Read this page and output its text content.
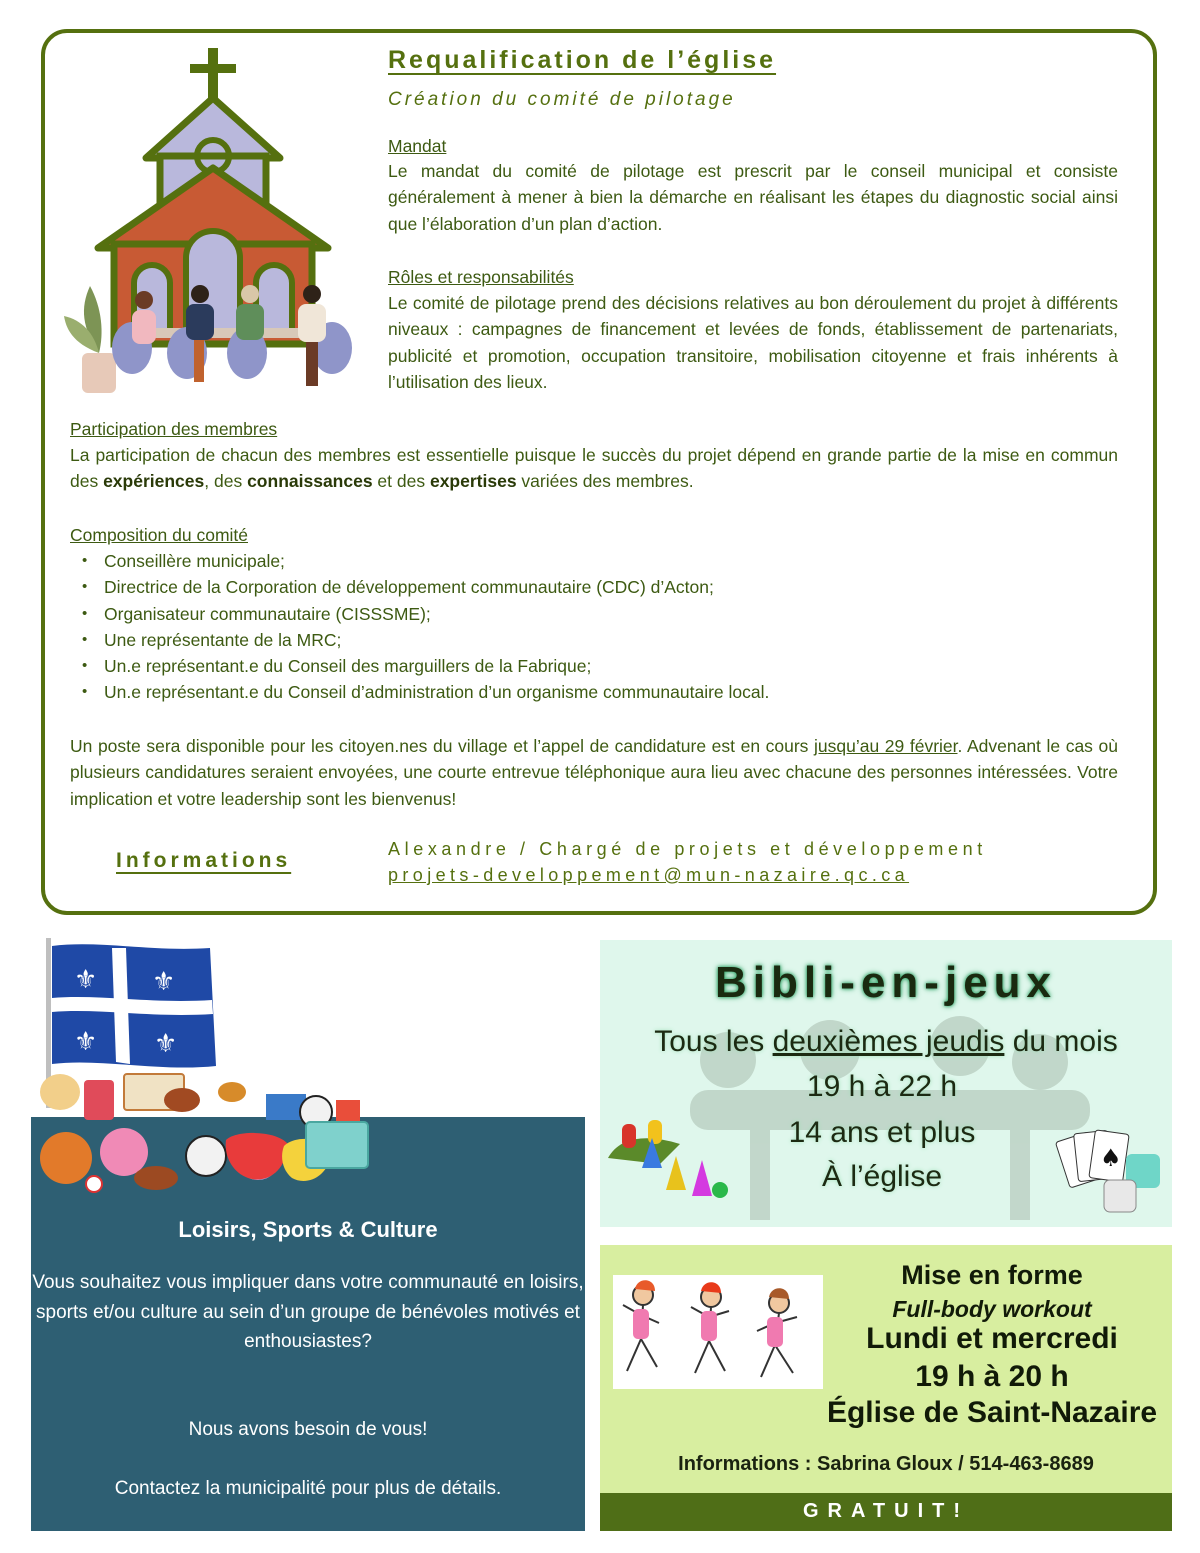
Requalification de l’église
Création du comité de pilotage
Mandat
Le mandat du comité de pilotage est prescrit par le conseil municipal et consiste généralement à mener à bien la démarche en réalisant les étapes du diagnostic social ainsi que l’élaboration d’un plan d’action.
Rôles et responsabilités
Le comité de pilotage prend des décisions relatives au bon déroulement du projet à différents niveaux : campagnes de financement et levées de fonds, établissement de partenariats, publicité et promotion, occupation transitoire, mobilisation citoyenne et frais inhérents à l’utilisation des lieux.
Participation des membres
La participation de chacun des membres est essentielle puisque le succès du projet dépend en grande partie de la mise en commun des expériences, des connaissances et des expertises variées des membres.
Composition du comité
• Conseillère municipale;
• Directrice de la Corporation de développement communautaire (CDC) d’Acton;
• Organisateur communautaire (CISSSME);
• Une représentante de la MRC;
• Un.e représentant.e du Conseil des marguillers de la Fabrique;
• Un.e représentant.e du Conseil d’administration d’un organisme communautaire local.
Un poste sera disponible pour les citoyen.nes du village et l’appel de candidature est en cours jusqu’au 29 février. Advenant le cas où plusieurs candidatures seraient envoyées, une courte entrevue téléphonique aura lieu avec chacune des personnes intéressées. Votre implication et votre leadership sont les bienvenus!
Informations	Alexandre / Chargé de projets et développement
projets-developpement@mun-nazaire.qc.ca
⚜ ⚜
⚜ ⚜
Loisirs, Sports & Culture
Vous souhaitez vous impliquer dans votre communauté en loisirs, sports et/ou culture au sein d’un groupe de bénévoles motivés et enthousiastes?
Nous avons besoin de vous!
Contactez la municipalité pour plus de détails.
♠
Bibli-en-jeux
Tous les deuxièmes jeudis du mois
19 h à 22 h
14 ans et plus
À l’église
Mise en forme
Full-body workout
Lundi et mercredi
19 h à 20 h
Église de Saint-Nazaire
Informations : Sabrina Gloux / 514-463-8689
GRATUIT!
